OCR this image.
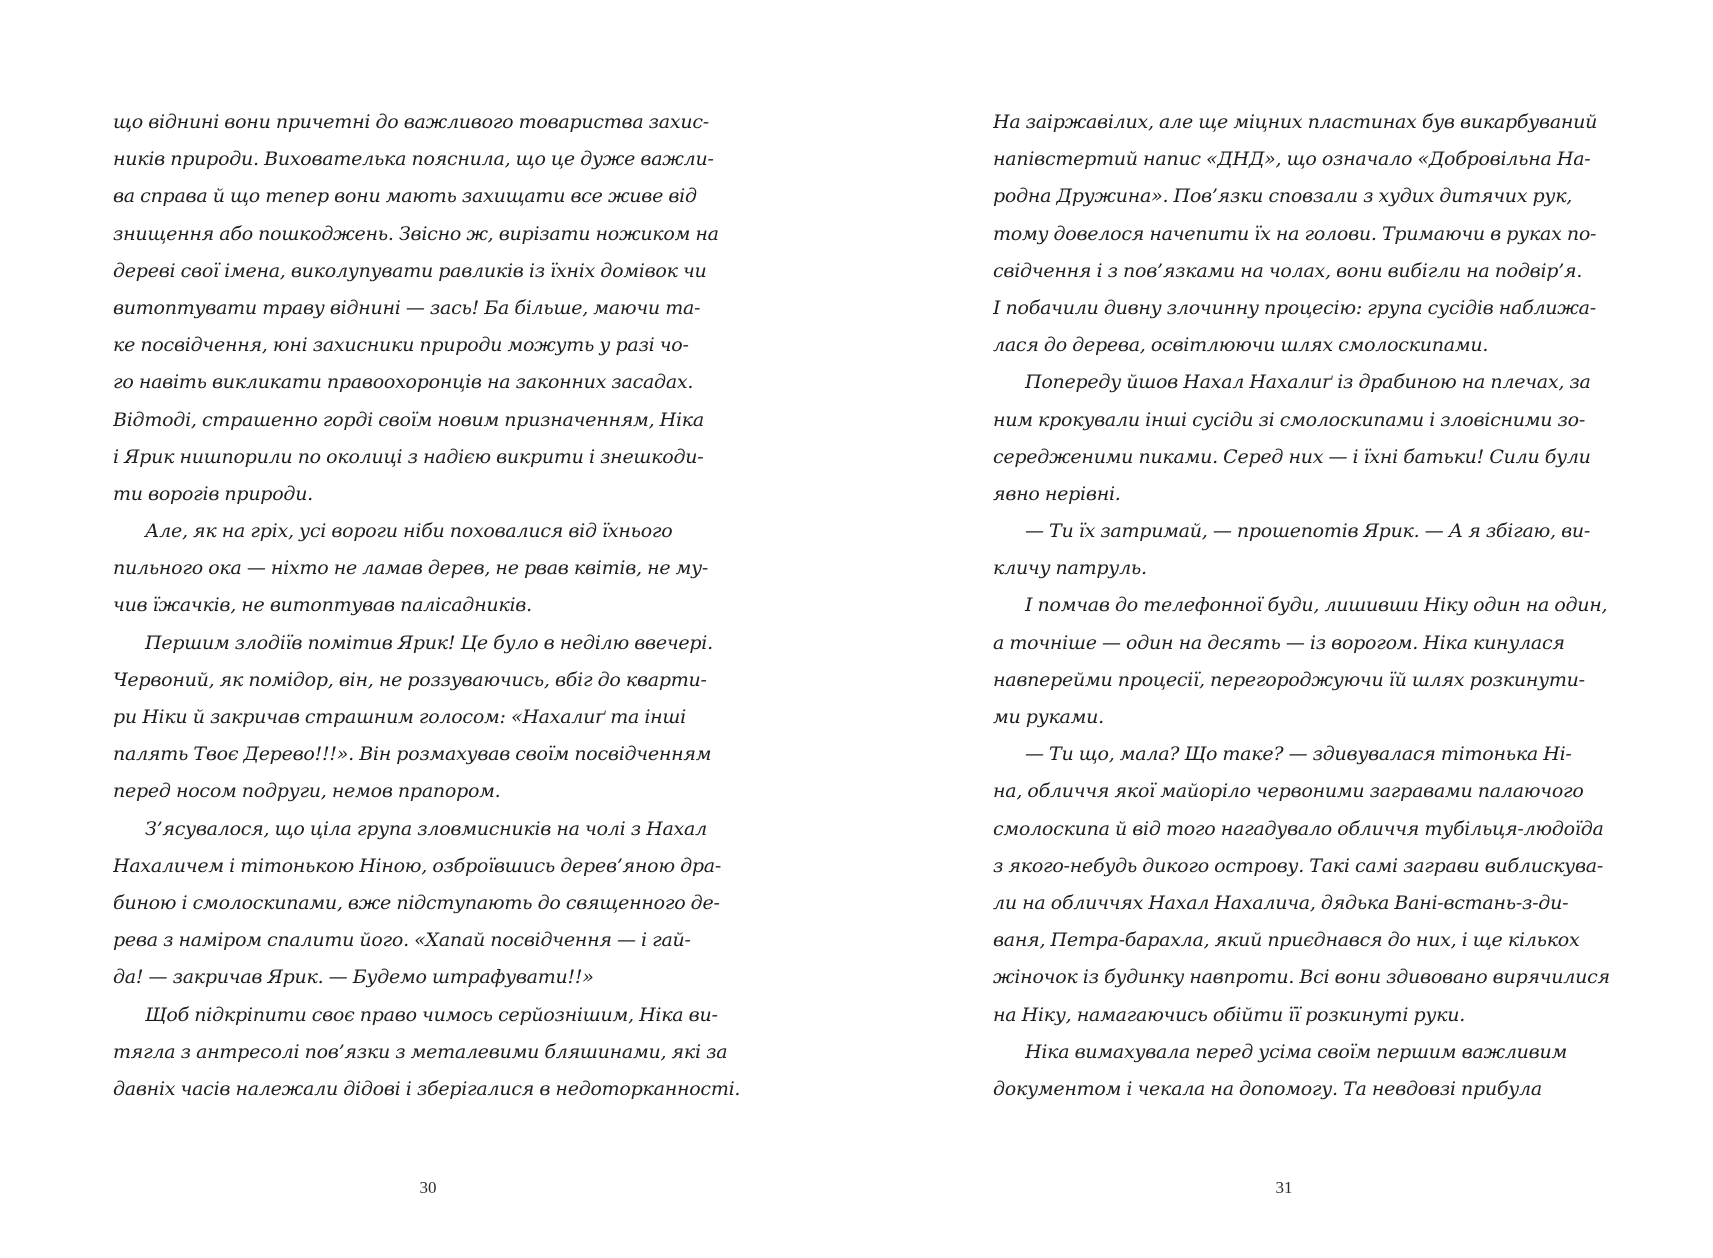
що віднині вони причетні до важливого товариства захис-
ників природи. Вихователька пояснила, що це дуже важли-
ва справа й що тепер вони мають захищати все живе від
знищення або пошкоджень. Звісно ж, вирізати ножиком на
дереві свої імена, виколупувати равликів із їхніх домівок чи
витоптувати траву віднині — зась! Ба більше, маючи та-
ке посвідчення, юні захисники природи можуть у разі чо-
го навіть викликати правоохоронців на законних засадах.
Відтоді, страшенно горді своїм новим призначенням, Ніка
і Ярик нишпорили по околиці з надією викрити і знешкоди-
ти ворогів природи.
Але, як на гріх, усі вороги ніби поховалися від їхнього
пильного ока — ніхто не ламав дерев, не рвав квітів, не му-
чив їжачків, не витоптував палісадників.
Першим злодіїв помітив Ярик! Це було в неділю ввечері.
Червоний, як помідор, він, не роззуваючись, вбіг до кварти-
ри Ніки й закричав страшним голосом: «Нахалиґ та інші
палять Твоє Дерево!!!». Він розмахував своїм посвідченням
перед носом подруги, немов прапором.
З’ясувалося, що ціла група зловмисників на чолі з Нахал
Нахаличем і тітонькою Ніною, озброївшись дерев’яною дра-
биною і смолоскипами, вже підступають до священного де-
рева з наміром спалити його. «Хапай посвідчення — і гай-
да! — закричав Ярик. — Будемо штрафувати!!»
Щоб підкріпити своє право чимось серйознішим, Ніка ви-
тягла з антресолі пов’язки з металевими бляшинами, які за
давніх часів належали дідові і зберігалися в недоторканності.
30
На заіржавілих, але ще міцних пластинах був викарбуваний
напівстертий напис «ДНД», що означало «Добровільна На-
родна Дружина». Пов’язки сповзали з худих дитячих рук,
тому довелося начепити їх на голови. Тримаючи в руках по-
свідчення і з пов’язками на чолах, вони вибігли на подвір’я.
І побачили дивну злочинну процесію: група сусідів наближа-
лася до дерева, освітлюючи шлях смолоскипами.
Попереду йшов Нахал Нахалиґ із драбиною на плечах, за
ним крокували інші сусіди зі смолоскипами і зловісними зо-
середженими пиками. Серед них — і їхні батьки! Сили були
явно нерівні.
— Ти їх затримай, — прошепотів Ярик. — А я збігаю, ви-
кличу патруль.
І помчав до телефонної буди, лишивши Ніку один на один,
а точніше — один на десять — із ворогом. Ніка кинулася
навперейми процесії, перегороджуючи їй шлях розкинути-
ми руками.
— Ти що, мала? Що таке? — здивувалася тітонька Ні-
на, обличчя якої майоріло червоними загравами палаючого
смолоскипа й від того нагадувало обличчя тубільця-людоїда
з якого-небудь дикого острову. Такі самі заграви виблискува-
ли на обличчях Нахал Нахалича, дядька Вані-встань-з-ди-
ваня, Петра-барахла, який приєднався до них, і ще кількох
жіночок із будинку навпроти. Всі вони здивовано вирячилися
на Ніку, намагаючись обійти її розкинуті руки.
Ніка вимахувала перед усіма своїм першим важливим
документом і чекала на допомогу. Та невдовзі прибула
31
